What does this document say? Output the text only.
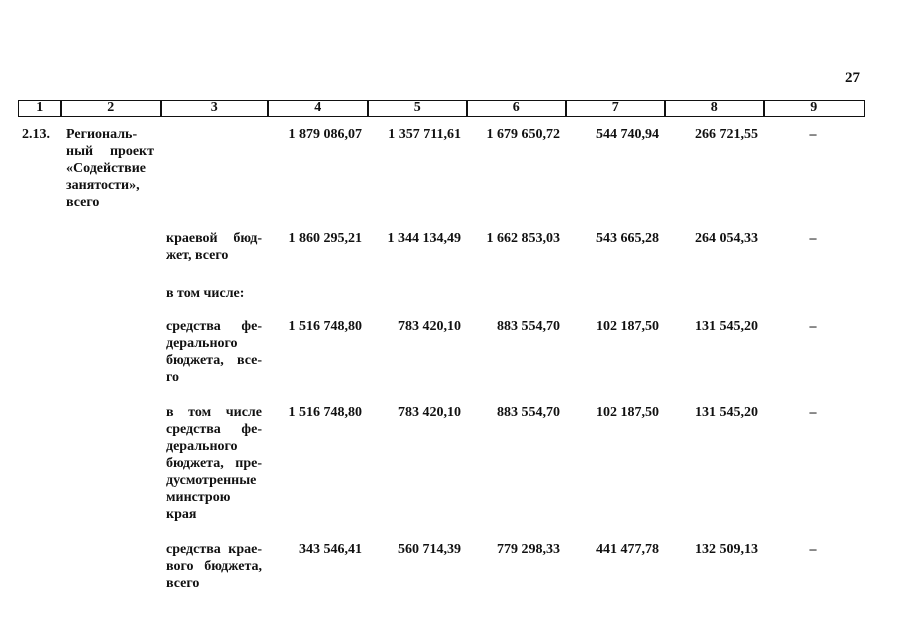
27
1	2	3	4	5	6	7	8	9
2.13. Региональ-
ный проект
«Содействие
занятости»,
всего
1 879 086,07	1 357 711,61	1 679 650,72	544 740,94	266 721,55	–
краевой бюд-
жет, всего
1 860 295,21	1 344 134,49	1 662 853,03	543 665,28	264 054,33	–
в том числе:
средства фе-
дерального
бюджета, все-
го
1 516 748,80	783 420,10	883 554,70	102 187,50	131 545,20	–
в том числе
средства фе-
дерального
бюджета, пре-
дусмотренные
минстрою
края
1 516 748,80	783 420,10	883 554,70	102 187,50	131 545,20	–
средства крае-
вого бюджета,
всего
343 546,41	560 714,39	779 298,33	441 477,78	132 509,13	–
